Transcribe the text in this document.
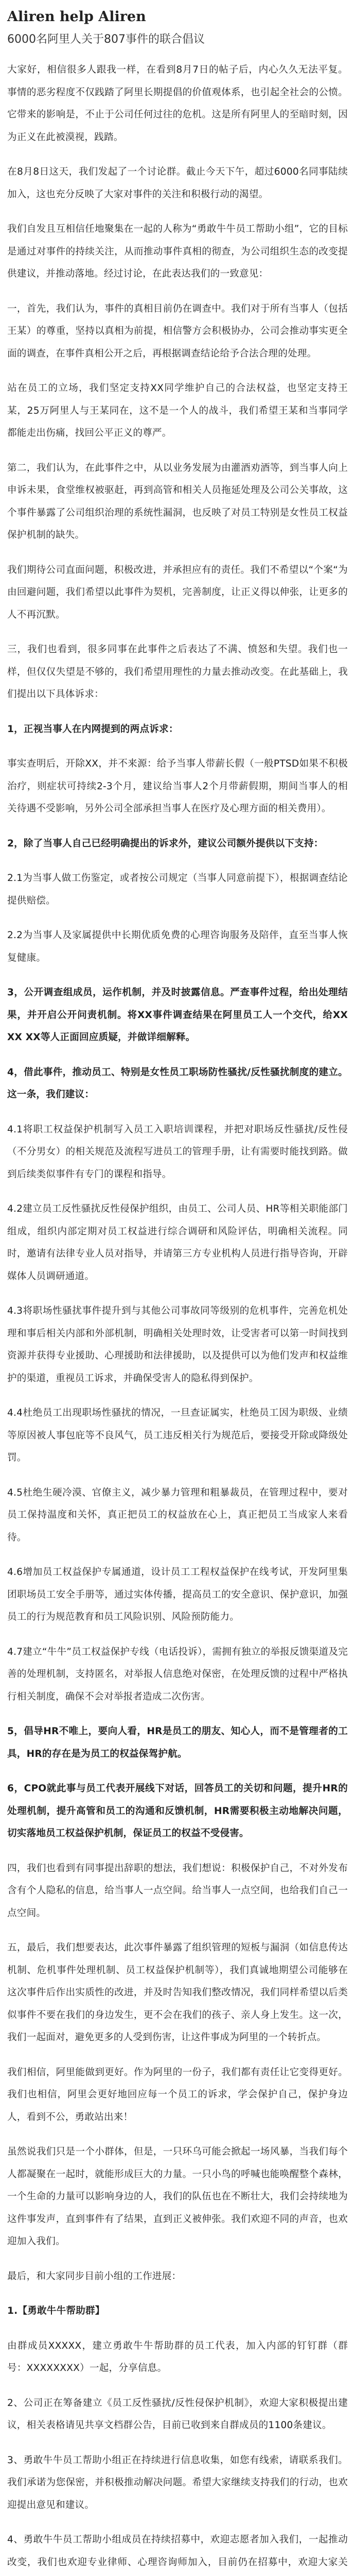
Aliren help Aliren
6000名阿里人关于807事件的联合倡议

大家好，相信很多人跟我一样，在看到8月7日的帖子后，内心久久无法平复。事情的恶劣程度不仅践踏了阿里长期提倡的价值观体系，也引起全社会的公愤。它带来的影响是，不止于公司任何过往的危机。这是所有阿里人的至暗时刻，因为正义在此被漠视，践踏。

在8月8日这天，我们发起了一个讨论群。截止今天下午，超过6000名同事陆续加入，这也充分反映了大家对事件的关注和积极行动的渴望。

我们自发且互相信任地聚集在一起的人称为“勇敢牛牛员工帮助小组”，它的目标是通过对事件的持续关注，从而推动事件真相的彻查，为公司组织生态的改变提供建议，并推动落地。经过讨论，在此表达我们的一致意见：

一，首先，我们认为，事件的真相目前仍在调查中。我们对于所有当事人（包括王某）的尊重，坚持以真相为前提，相信警方会积极协办，公司会推动事实更全面的调查，在事件真相公开之后，再根据调查结论给予合法合理的处理。

站在员工的立场，我们坚定支持XX同学维护自己的合法权益，也坚定支持王某，25万阿里人与王某同在，这不是一个人的战斗，我们希望王某和当事同学都能走出伤痛，找回公平正义的尊严。

第二，我们认为，在此事件之中，从以业务发展为由灌酒劝酒等，到当事人向上申诉未果，食堂维权被驱赶，再到高管和相关人员拖延处理及公司公关事故，这个事件暴露了公司组织治理的系统性漏洞，也反映了对员工特别是女性员工权益保护机制的缺失。

我们期待公司直面问题，积极改进，并承担应有的责任。我们不希望以“个案“为由回避问题，我们希望以此事件为契机，完善制度，让正义得以伸张，让更多的人不再沉默。

三，我们也看到，很多同事在此事件之后表达了不满、愤怒和失望。我们也一样，但仅仅失望是不够的，我们希望用理性的力量去推动改变。在此基础上，我们提出以下具体诉求：

1，正视当事人在内网提到的两点诉求：

事实查明后，开除XX，并不来源：给予当事人带薪长假（一般PTSD如果不积极治疗，则症状可持续2-3个月，建议给当事人2个月带薪假期，期间当事人的相关待遇不受影响，另外公司全部承担当事人在医疗及心理方面的相关费用）。

2，除了当事人自己已经明确提出的诉求外，建议公司额外提供以下支持：

2.1为当事人做工伤鉴定，或者按公司规定（当事人同意前提下），根据调查结论提供赔偿。

2.2为当事人及家属提供中长期优质免费的心理咨询服务及陪伴，直至当事人恢复健康。

3，公开调查组成员，运作机制，并及时披露信息。严查事件过程，给出处理结果，并开启公开问责机制。将XX事件调查结果在阿里员工人一个交代，给XX XX XX等人正面回应质疑，并做详细解释。

4，借此事件，推动员工、特别是女性员工职场防性骚扰/反性骚扰制度的建立。这一条，我们建议：

4.1将职工权益保护机制写入员工入职培训课程，并把对职场反性骚扰/反性侵（不分男女）的相关规范及流程写进员工的管理手册，让有需要时能找到路。做到后续类似事件有专门的课程和指导。

4.2建立员工反性骚扰反性侵保护组织，由员工、公司人员、HR等相关职能部门组成，组织内部定期对员工权益进行综合调研和风险评估，明确相关流程。同时，邀请有法律专业人员对指导，并请第三方专业机构人员进行指导咨询，开辟媒体人员调研通道。

4.3将职场性骚扰事件提升到与其他公司事故同等级别的危机事件，完善危机处理和事后相关内部和外部机制，明确相关处理时效，让受害者可以第一时间找到资源并获得专业援助、心理援助和法律援助，以及提供可以为他们发声和权益维护的渠道，重视员工诉求，并确保受害人的隐私得到保护。

4.4杜绝员工出现职场性骚扰的情况，一旦查证属实，杜绝员工因为职级、业绩等原因被人事包庇等不良风气，员工违反相关行为规范后，要接受开除或降级处罚。

4.5杜绝生硬冷漠、官僚主义，减少暴力管理和粗暴裁员，在管理过程中，要对员工保持温度和关怀，真正把员工的权益放在心上，真正把员工当成家人来看待。

4.6增加员工权益保护专属通道，设计员工工程权益保护在线考试，开发阿里集团职场员工安全手册等，通过实体传播，提高员工的安全意识、保护意识，加强员工的行为规范教育和员工风险识别、风险预防能力。

4.7建立“牛牛”员工权益保护专线（电话投诉），需拥有独立的举报反馈渠道及完善的处理机制，支持匿名，对举报人信息绝对保密，在处理反馈的过程中严格执行相关制度，确保不会对举报者造成二次伤害。

5，倡导HR不唯上，要向人看，HR是员工的朋友、知心人，而不是管理者的工具，HR的存在是为员工的权益保驾护航。

6，CPO就此事与员工代表开展线下对话，回答员工的关切和问题，提升HR的处理机制，提升高管和员工的沟通和反馈机制，HR需要积极主动地解决问题，切实落地员工权益保护机制，保证员工的权益不受侵害。

四，我们也看到有同事提出辞职的想法，我们想说：积极保护自己，不对外发布含有个人隐私的信息，给当事人一点空间。给当事人一点空间，也给我们自己一点空间。

五，最后，我们想要表达，此次事件暴露了组织管理的短板与漏洞（如信息传达机制、危机事件处理机制、员工权益保护机制等），我们真诚地期望公司能够在这次事件后作出实质性的改进，并及时告知我们整改情况，我们同样希望以后类似事件不要在我们的身边发生，更不会在我们的孩子、亲人身上发生。这一次，我们一起面对，避免更多的人受到伤害，让这件事成为阿里的一个转折点。

我们相信，阿里能做到更好。作为阿里的一份子，我们都有责任让它变得更好。我们也相信，阿里会更好地回应每一个员工的诉求，学会保护自己，保护身边人，看到不公，勇敢站出来！

虽然说我们只是一个小群体，但是，一只环乌可能会掀起一场风暴，当我们每个人都凝聚在一起时，就能形成巨大的力量。一只小鸟的呼喊也能唤醒整个森林，一个生命的力量可以影响身边的人，我们的队伍也在不断壮大，我们会持续地为这件事发声，直到事件有了结果，直到正义被伸张。我们欢迎不同的声音，也欢迎加入我们。

最后，和大家同步目前小组的工作进展：

1.【勇敢牛牛帮助群】

由群成员XXXXX，建立勇敢牛牛帮助群的员工代表，加入内部的钉钉群（群号：XXXXXXXX）一起，分享信息。

2、公司正在筹备建立《员工反性骚扰/反性侵保护机制》，欢迎大家积极提出建议，相关表格请见共享文档群公告，目前已收到来自群成员的1100条建议。

3、勇敢牛牛员工帮助小组正在持续进行信息收集，如您有线索，请联系我们。我们承诺为您保密，并积极推动解决问题。希望大家继续支持我们的行动，也欢迎提出意见和建议。

4、勇敢牛牛员工帮助小组成员在持续招募中，欢迎志愿者加入我们，一起推动改变，我们也欢迎专业律师、心理咨询师加入，目前仍在招募中，欢迎大家关
